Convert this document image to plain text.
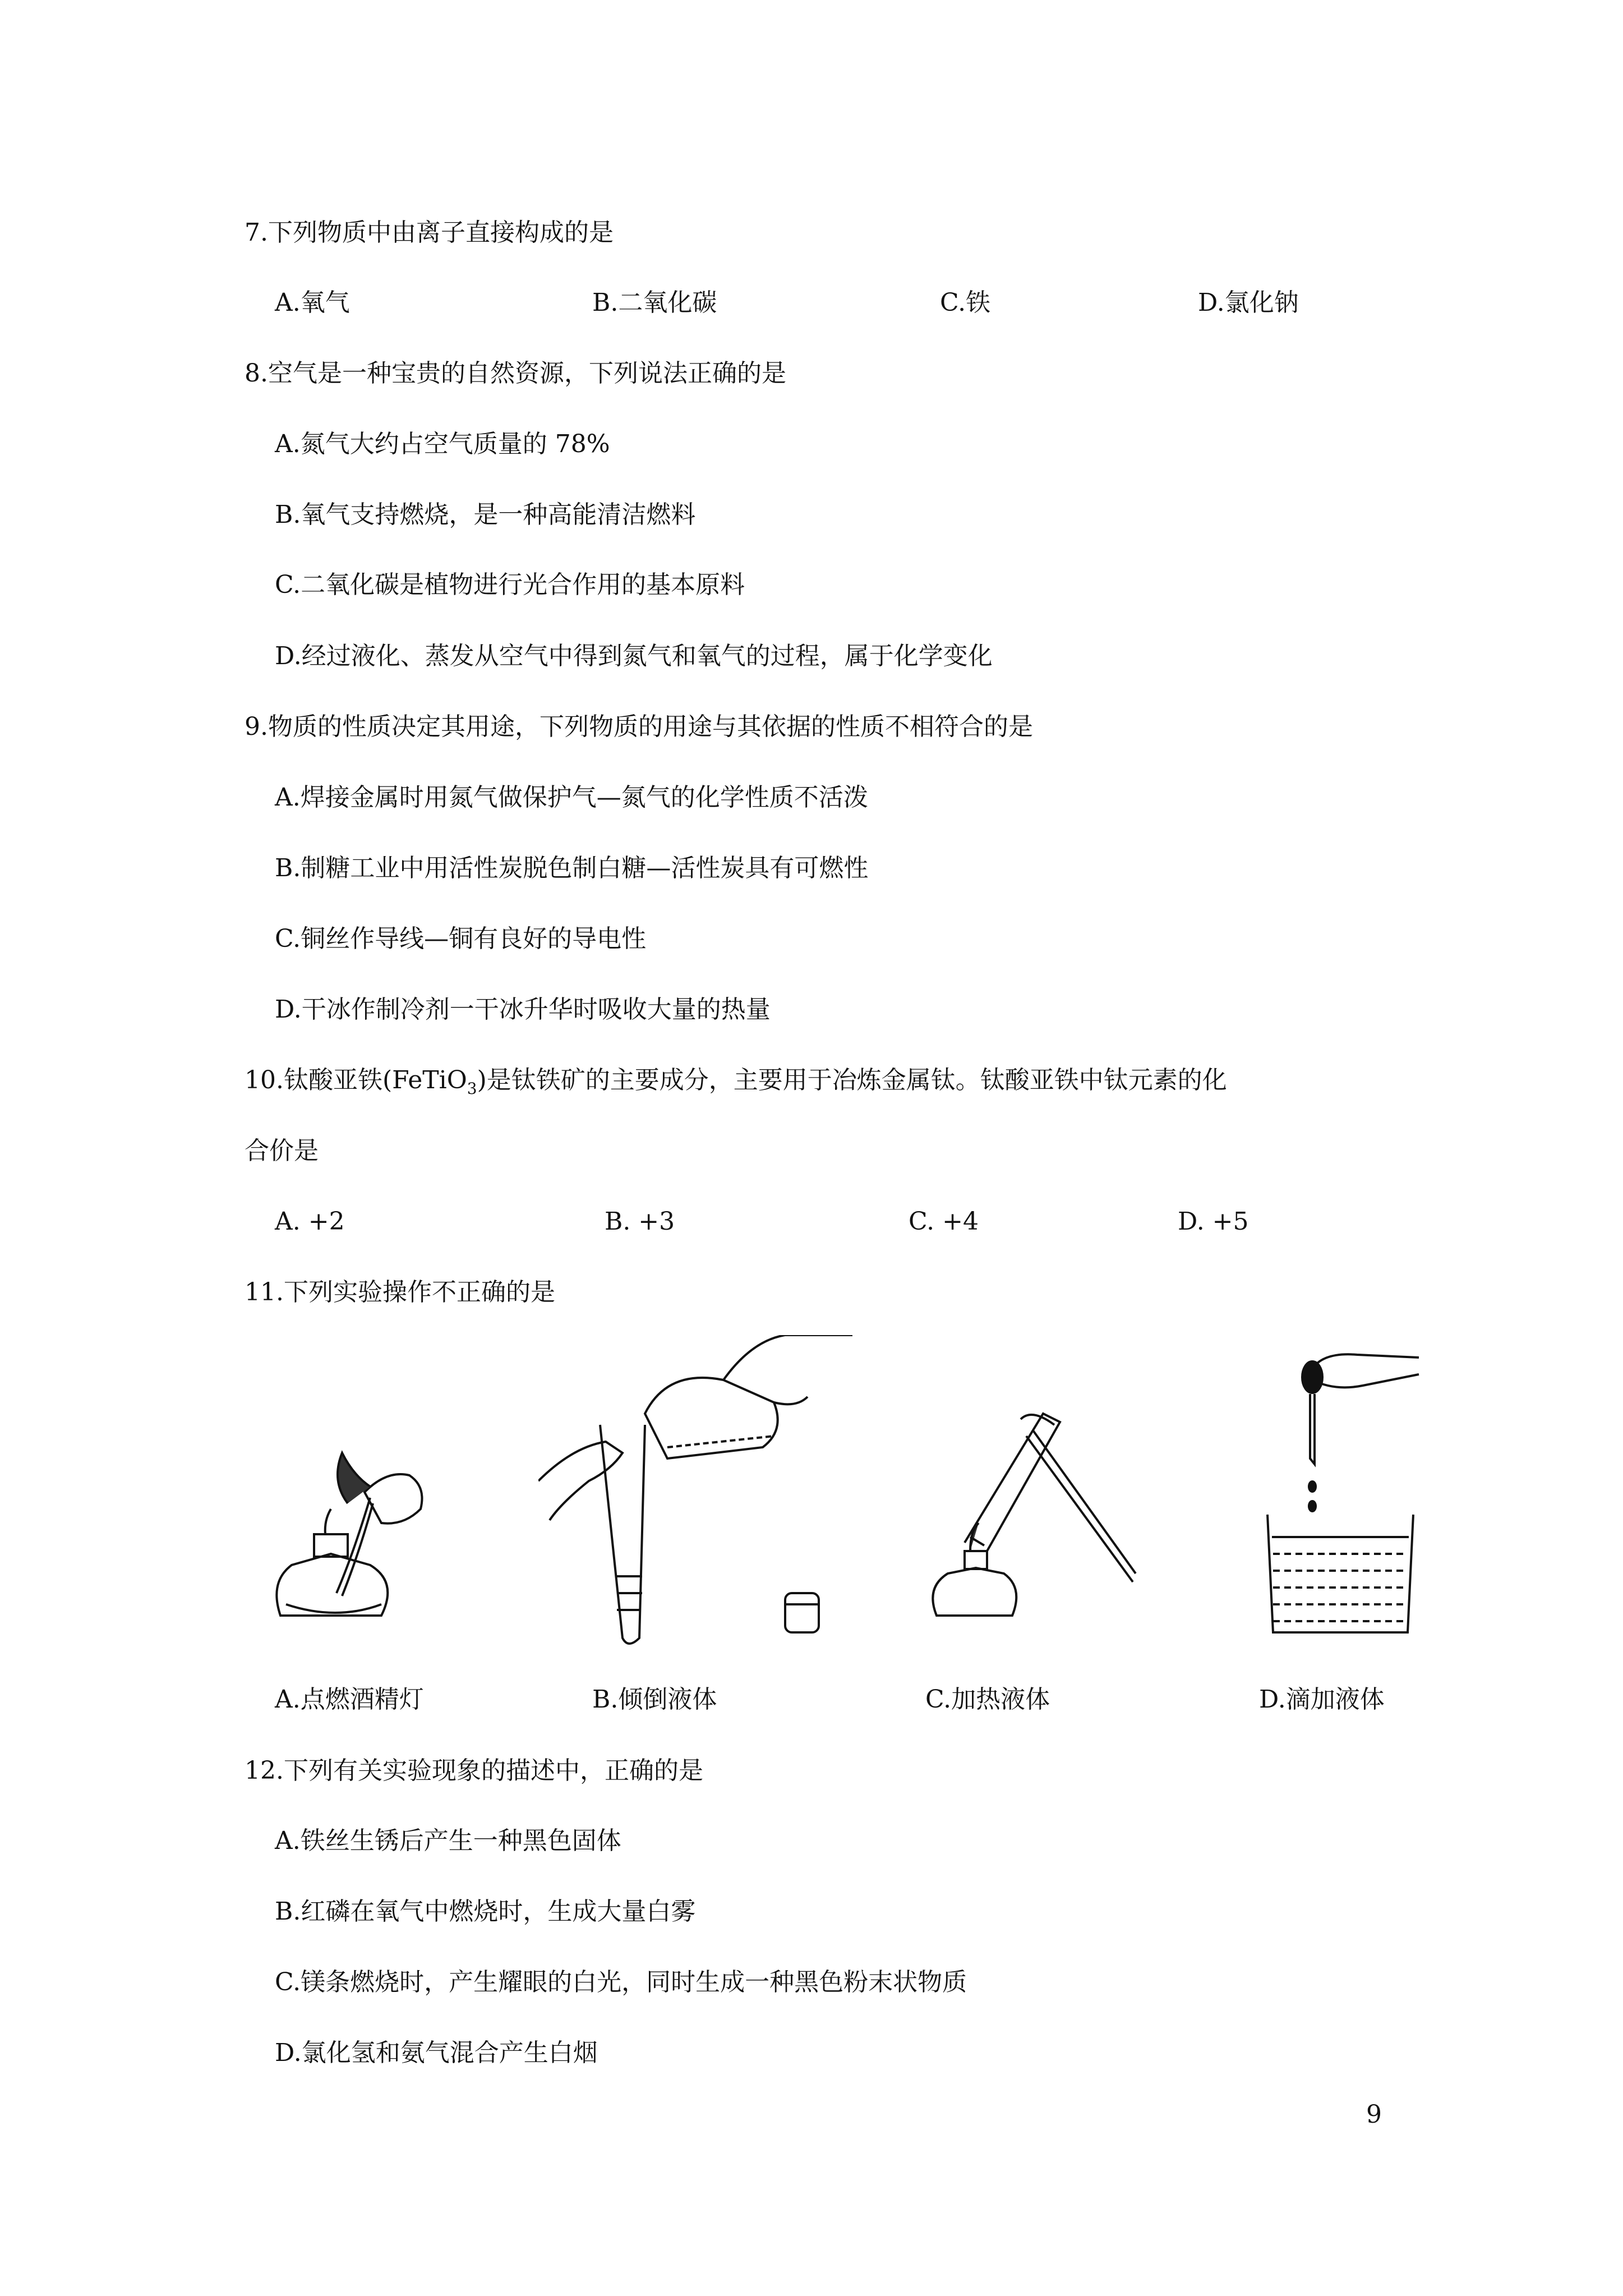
7.下列物质中由离子直接构成的是
A.氧气	B.二氧化碳	C.铁	D.氯化钠
8.空气是一种宝贵的自然资源，下列说法正确的是
A.氮气大约占空气质量的 78%
B.氧气支持燃烧，是一种高能清洁燃料
C.二氧化碳是植物进行光合作用的基本原料
D.经过液化、蒸发从空气中得到氮气和氧气的过程，属于化学变化
9.物质的性质决定其用途，下列物质的用途与其依据的性质不相符合的是
A.焊接金属时用氮气做保护气—氮气的化学性质不活泼
B.制糖工业中用活性炭脱色制白糖—活性炭具有可燃性
C.铜丝作导线—铜有良好的导电性
D.干冰作制冷剂一干冰升华时吸收大量的热量
10.钛酸亚铁(FeTiO$_3$)是钛铁矿的主要成分，主要用于冶炼金属钛。钛酸亚铁中钛元素的化
合价是
A. +2	B. +3	C. +4	D. +5
11.下列实验操作不正确的是
A.点燃酒精灯	B.倾倒液体	C.加热液体	D.滴加液体
12.下列有关实验现象的描述中，正确的是
A.铁丝生锈后产生一种黑色固体
B.红磷在氧气中燃烧时，生成大量白雾
C.镁条燃烧时，产生耀眼的白光，同时生成一种黑色粉末状物质
D.氯化氢和氨气混合产生白烟
9
